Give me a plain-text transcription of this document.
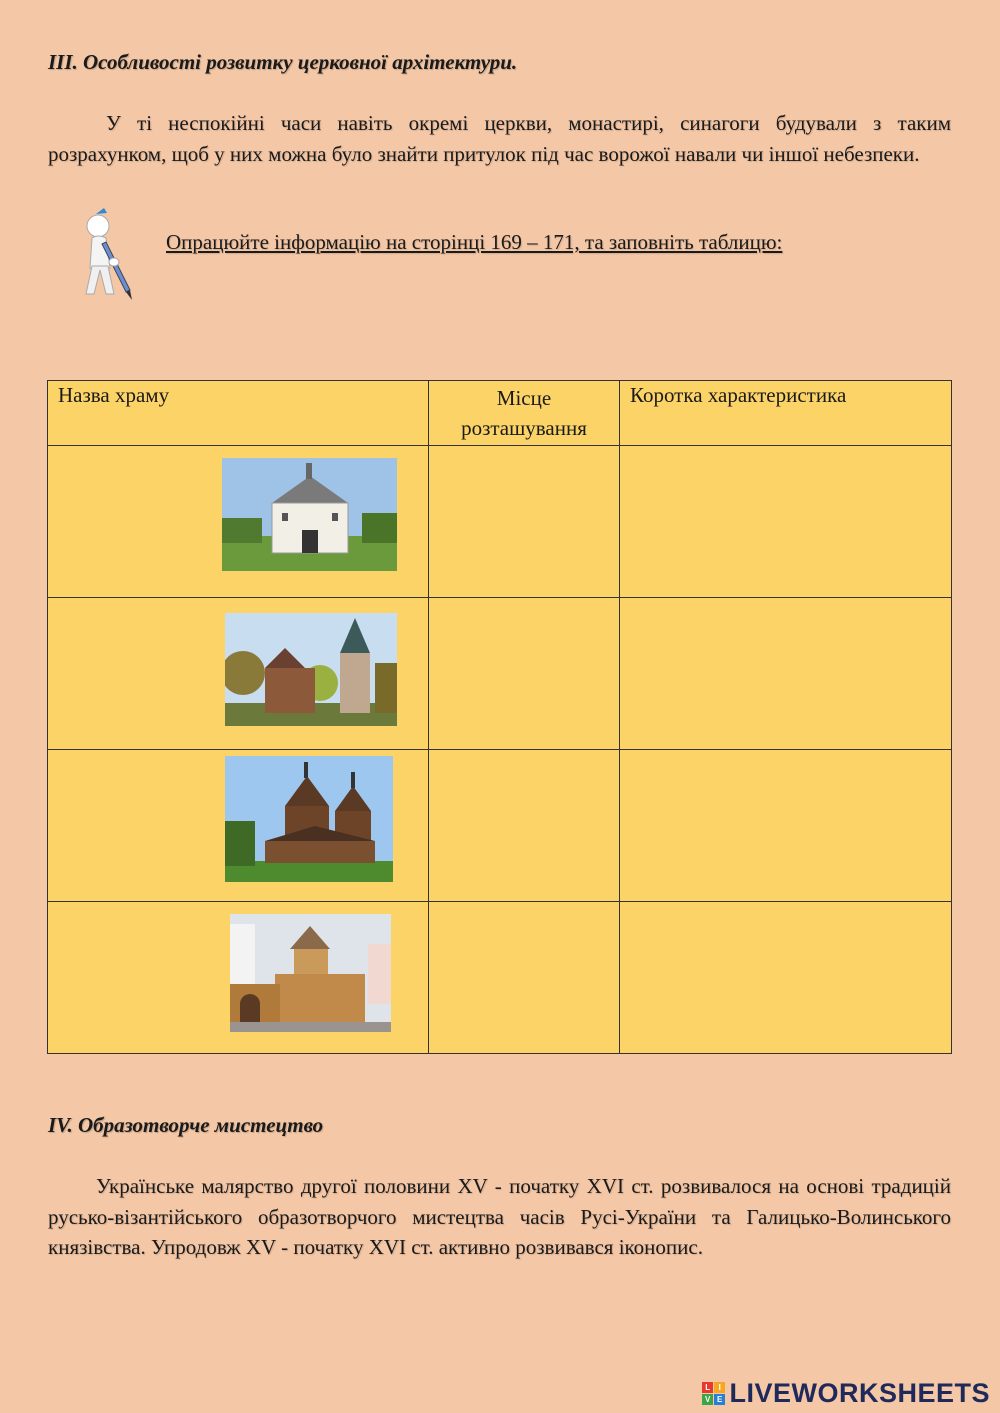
III. Особливості розвитку церковної архітектури.
У ті неспокійні часи навіть окремі церкви, монастирі, синагоги будували з таким розрахунком, щоб у них можна було знайти притулок під час ворожої навали чи іншої небезпеки.
Опрацюйте інформацію на сторінці 169 – 171, та заповніть таблицю:
Назва храму	Місце розташування	Коротка характеристика

IV. Образотворче мистецтво
Українське малярство другої половини XV - початку XVI ст. розвивалося на основі традицій русько-візантійського образотворчого мистецтва часів Русі-України та Галицько-Волинського князівства. Упродовж XV - початку XVI ст. активно розвивався іконопис.
L I
V E LIVEWORKSHEETS
